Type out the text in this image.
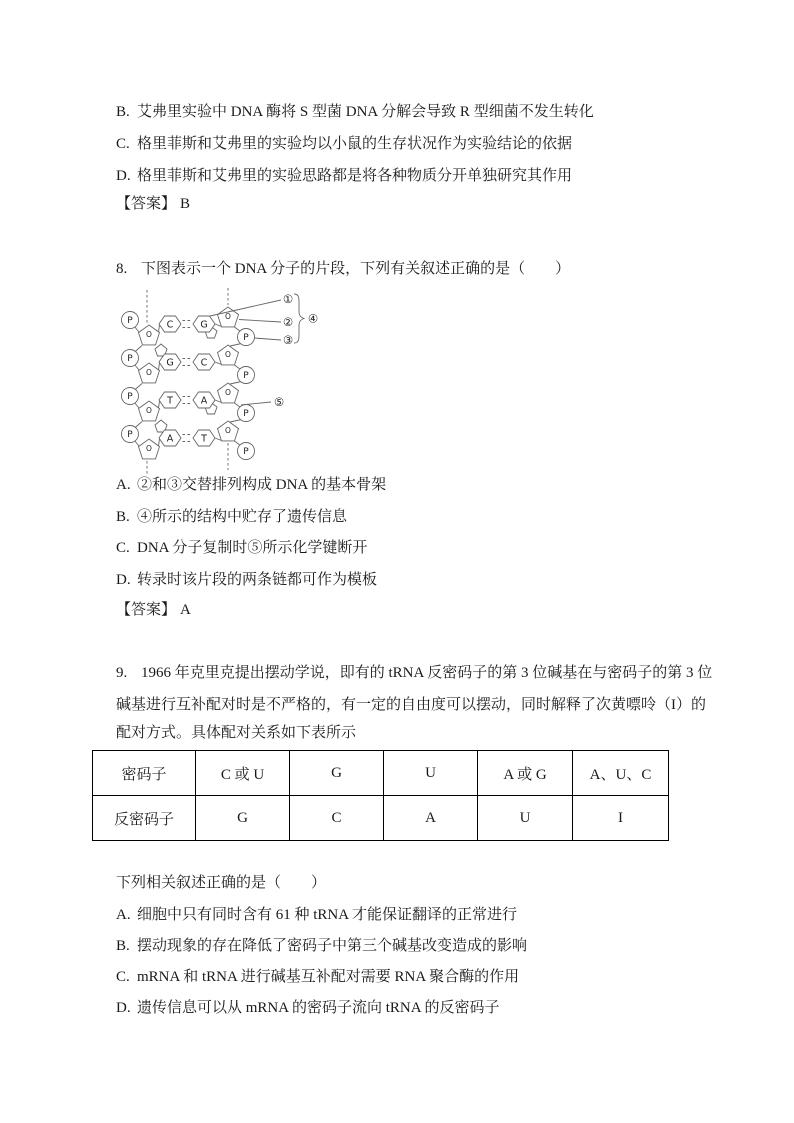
B. 艾弗里实验中 DNA 酶将 S 型菌 DNA 分解会导致 R 型细菌不发生转化
C. 格里菲斯和艾弗里的实验均以小鼠的生存状况作为实验结论的依据
D. 格里菲斯和艾弗里的实验思路都是将各种物质分开单独研究其作用
【答案】 B
8. 下图表示一个 DNA 分子的片段，下列有关叙述正确的是（　　）
P
P
O
O
C	G
P
P
O
O
G	C
P
P
O
O
T	A
P
P
O
O
A	T
①
②
③
④
⑤
A. ②和③交替排列构成 DNA 的基本骨架
B. ④所示的结构中贮存了遗传信息
C. DNA 分子复制时⑤所示化学键断开
D. 转录时该片段的两条链都可作为模板
【答案】 A
9. 1966 年克里克提出摆动学说，即有的 tRNA 反密码子的第 3 位碱基在与密码子的第 3 位
碱基进行互补配对时是不严格的，有一定的自由度可以摆动，同时解释了次黄嘌呤（I）的
配对方式。具体配对关系如下表所示
密码子	C 或 U	G	U	A 或 G	A、U、C
反密码子	G	C	A	U	I
下列相关叙述正确的是（　　）
A. 细胞中只有同时含有 61 种 tRNA 才能保证翻译的正常进行
B. 摆动现象的存在降低了密码子中第三个碱基改变造成的影响
C. mRNA 和 tRNA 进行碱基互补配对需要 RNA 聚合酶的作用
D. 遗传信息可以从 mRNA 的密码子流向 tRNA 的反密码子
